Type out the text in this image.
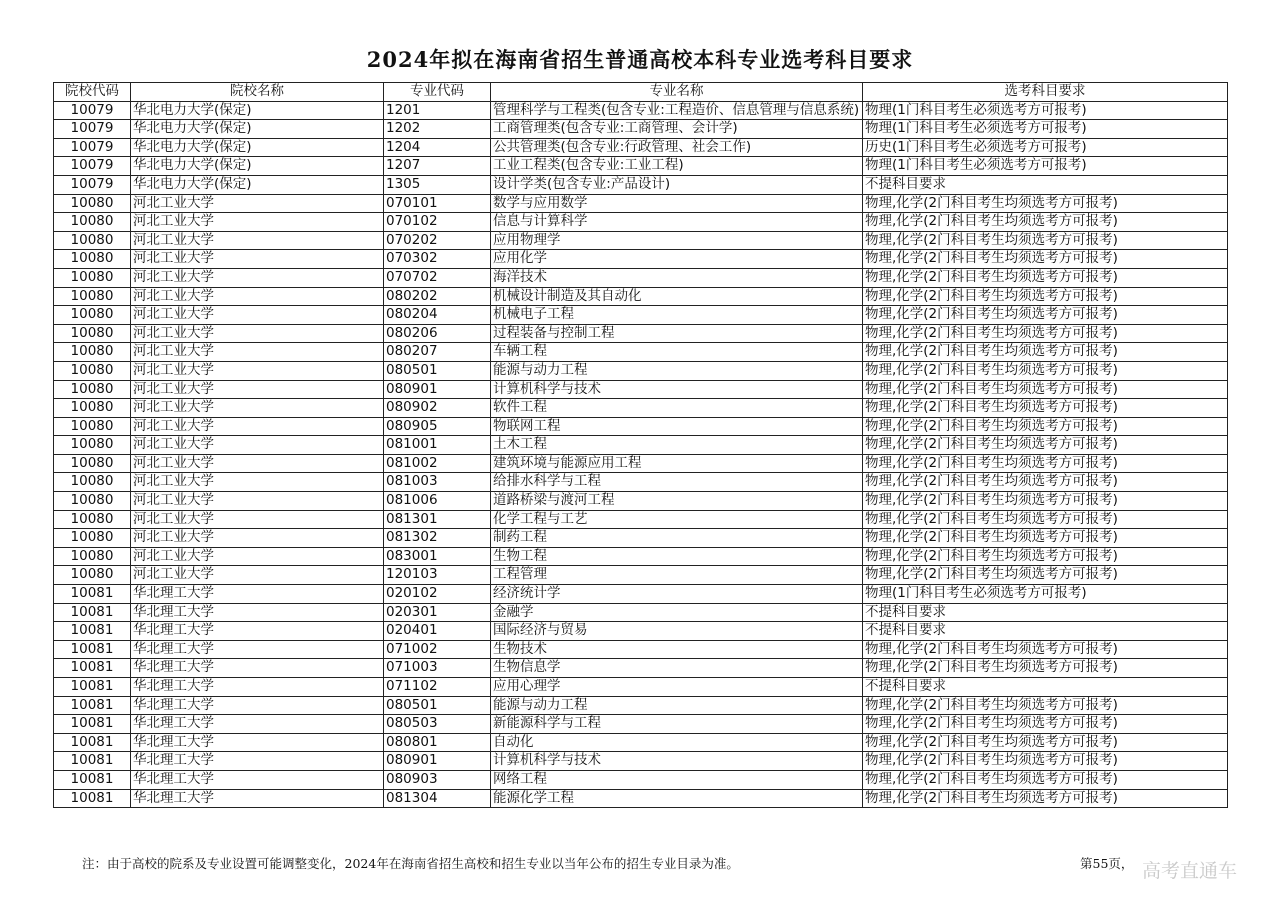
2024年拟在海南省招生普通高校本科专业选考科目要求
院校代码	院校名称	专业代码	专业名称	选考科目要求
10079	华北电力大学(保定)	1201	管理科学与工程类(包含专业:工程造价、信息管理与信息系统)	物理(1门科目考生必须选考方可报考)
10079	华北电力大学(保定)	1202	工商管理类(包含专业:工商管理、会计学)	物理(1门科目考生必须选考方可报考)
10079	华北电力大学(保定)	1204	公共管理类(包含专业:行政管理、社会工作)	历史(1门科目考生必须选考方可报考)
10079	华北电力大学(保定)	1207	工业工程类(包含专业:工业工程)	物理(1门科目考生必须选考方可报考)
10079	华北电力大学(保定)	1305	设计学类(包含专业:产品设计)	不提科目要求
10080	河北工业大学	070101	数学与应用数学	物理,化学(2门科目考生均须选考方可报考)
10080	河北工业大学	070102	信息与计算科学	物理,化学(2门科目考生均须选考方可报考)
10080	河北工业大学	070202	应用物理学	物理,化学(2门科目考生均须选考方可报考)
10080	河北工业大学	070302	应用化学	物理,化学(2门科目考生均须选考方可报考)
10080	河北工业大学	070702	海洋技术	物理,化学(2门科目考生均须选考方可报考)
10080	河北工业大学	080202	机械设计制造及其自动化	物理,化学(2门科目考生均须选考方可报考)
10080	河北工业大学	080204	机械电子工程	物理,化学(2门科目考生均须选考方可报考)
10080	河北工业大学	080206	过程装备与控制工程	物理,化学(2门科目考生均须选考方可报考)
10080	河北工业大学	080207	车辆工程	物理,化学(2门科目考生均须选考方可报考)
10080	河北工业大学	080501	能源与动力工程	物理,化学(2门科目考生均须选考方可报考)
10080	河北工业大学	080901	计算机科学与技术	物理,化学(2门科目考生均须选考方可报考)
10080	河北工业大学	080902	软件工程	物理,化学(2门科目考生均须选考方可报考)
10080	河北工业大学	080905	物联网工程	物理,化学(2门科目考生均须选考方可报考)
10080	河北工业大学	081001	土木工程	物理,化学(2门科目考生均须选考方可报考)
10080	河北工业大学	081002	建筑环境与能源应用工程	物理,化学(2门科目考生均须选考方可报考)
10080	河北工业大学	081003	给排水科学与工程	物理,化学(2门科目考生均须选考方可报考)
10080	河北工业大学	081006	道路桥梁与渡河工程	物理,化学(2门科目考生均须选考方可报考)
10080	河北工业大学	081301	化学工程与工艺	物理,化学(2门科目考生均须选考方可报考)
10080	河北工业大学	081302	制药工程	物理,化学(2门科目考生均须选考方可报考)
10080	河北工业大学	083001	生物工程	物理,化学(2门科目考生均须选考方可报考)
10080	河北工业大学	120103	工程管理	物理,化学(2门科目考生均须选考方可报考)
10081	华北理工大学	020102	经济统计学	物理(1门科目考生必须选考方可报考)
10081	华北理工大学	020301	金融学	不提科目要求
10081	华北理工大学	020401	国际经济与贸易	不提科目要求
10081	华北理工大学	071002	生物技术	物理,化学(2门科目考生均须选考方可报考)
10081	华北理工大学	071003	生物信息学	物理,化学(2门科目考生均须选考方可报考)
10081	华北理工大学	071102	应用心理学	不提科目要求
10081	华北理工大学	080501	能源与动力工程	物理,化学(2门科目考生均须选考方可报考)
10081	华北理工大学	080503	新能源科学与工程	物理,化学(2门科目考生均须选考方可报考)
10081	华北理工大学	080801	自动化	物理,化学(2门科目考生均须选考方可报考)
10081	华北理工大学	080901	计算机科学与技术	物理,化学(2门科目考生均须选考方可报考)
10081	华北理工大学	080903	网络工程	物理,化学(2门科目考生均须选考方可报考)
10081	华北理工大学	081304	能源化学工程	物理,化学(2门科目考生均须选考方可报考)
注：由于高校的院系及专业设置可能调整变化，2024年在海南省招生高校和招生专业以当年公布的招生专业目录为准。	第55页， 高考直通车
